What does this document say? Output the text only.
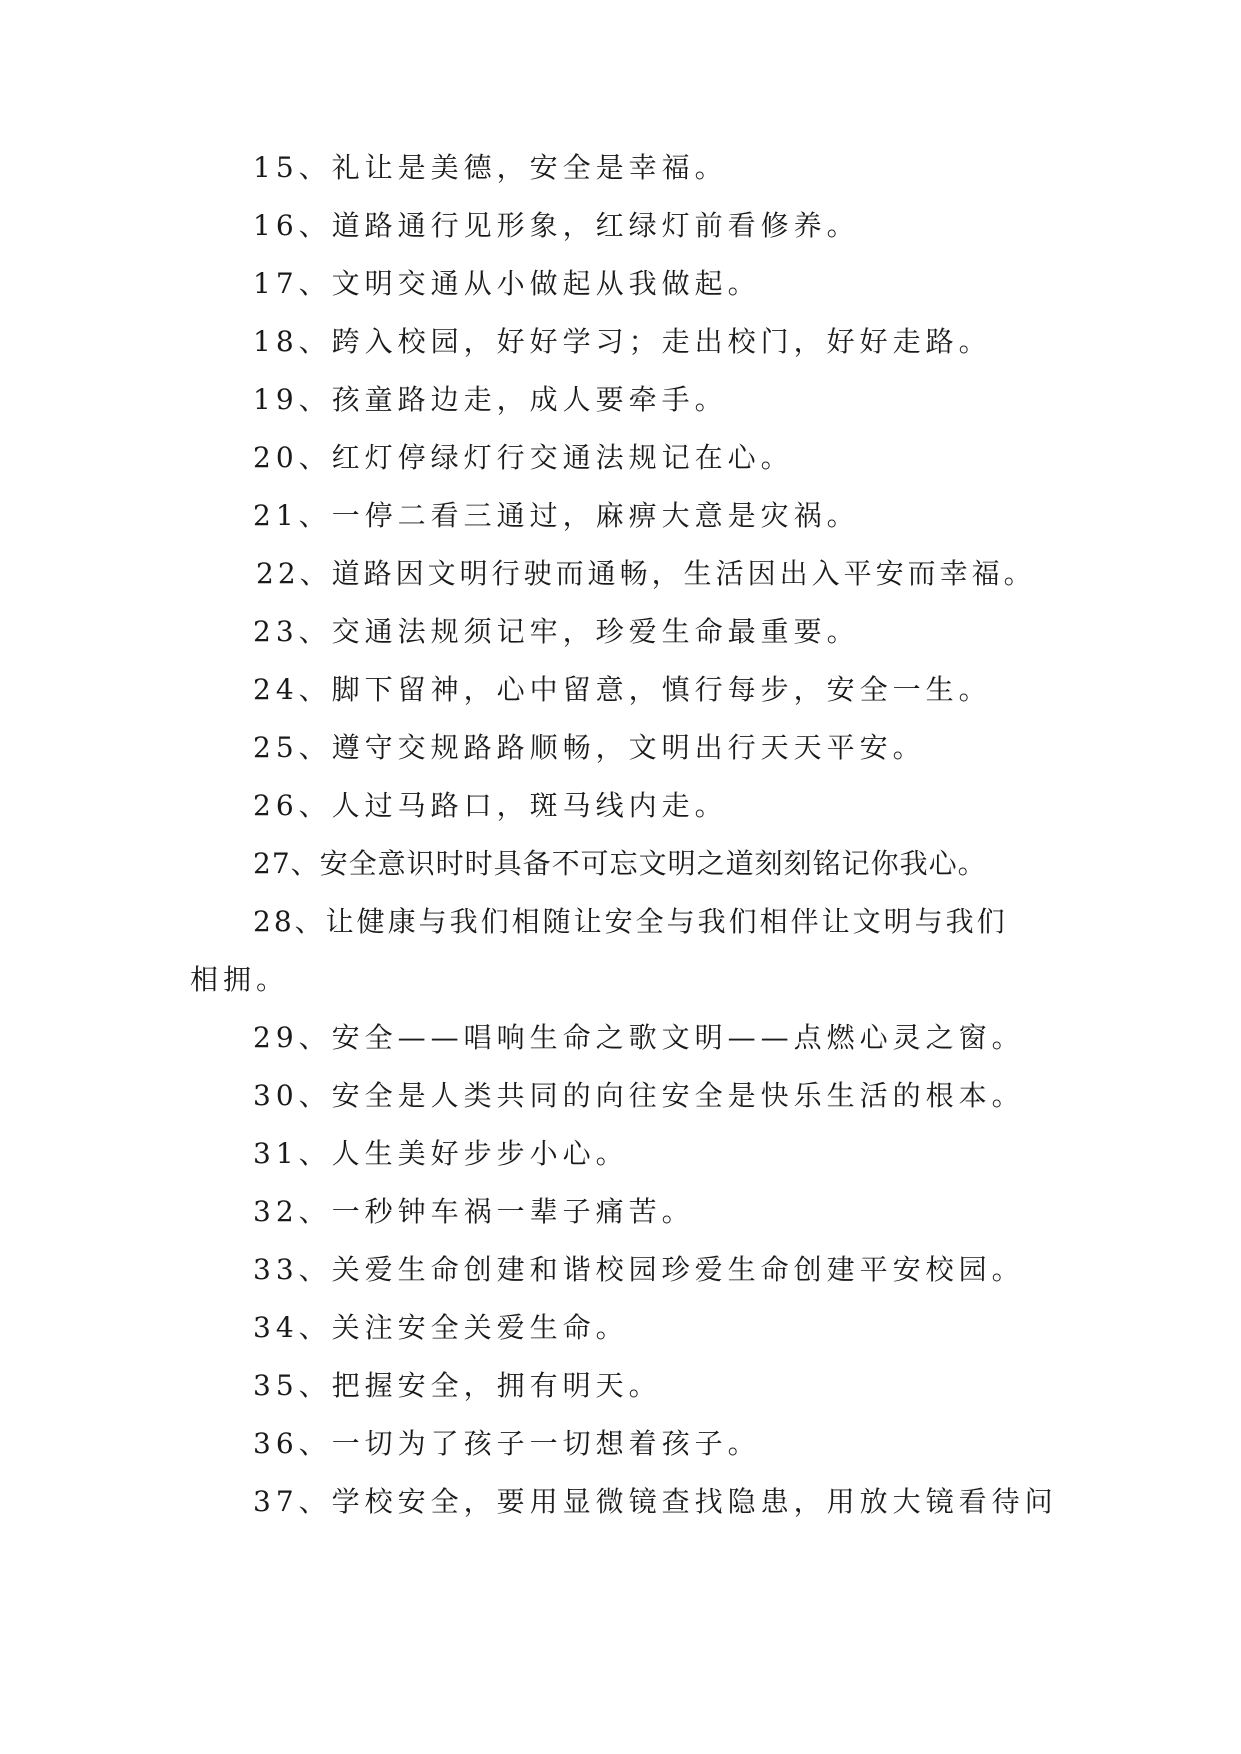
15、礼让是美德，安全是幸福。
16、道路通行见形象，红绿灯前看修养。
17、文明交通从小做起从我做起。
18、跨入校园，好好学习；走出校门，好好走路。
19、孩童路边走，成人要牵手。
20、红灯停绿灯行交通法规记在心。
21、一停二看三通过，麻痹大意是灾祸。
22、道路因文明行驶而通畅，生活因出入平安而幸福。
23、交通法规须记牢，珍爱生命最重要。
24、脚下留神，心中留意，慎行每步，安全一生。
25、遵守交规路路顺畅，文明出行天天平安。
26、人过马路口，斑马线内走。
27、安全意识时时具备不可忘文明之道刻刻铭记你我心。
28、让健康与我们相随让安全与我们相伴让文明与我们
相拥。
29、安全——唱响生命之歌文明——点燃心灵之窗。
30、安全是人类共同的向往安全是快乐生活的根本。
31、人生美好步步小心。
32、一秒钟车祸一辈子痛苦。
33、关爱生命创建和谐校园珍爱生命创建平安校园。
34、关注安全关爱生命。
35、把握安全，拥有明天。
36、一切为了孩子一切想着孩子。
37、学校安全，要用显微镜查找隐患，用放大镜看待问
